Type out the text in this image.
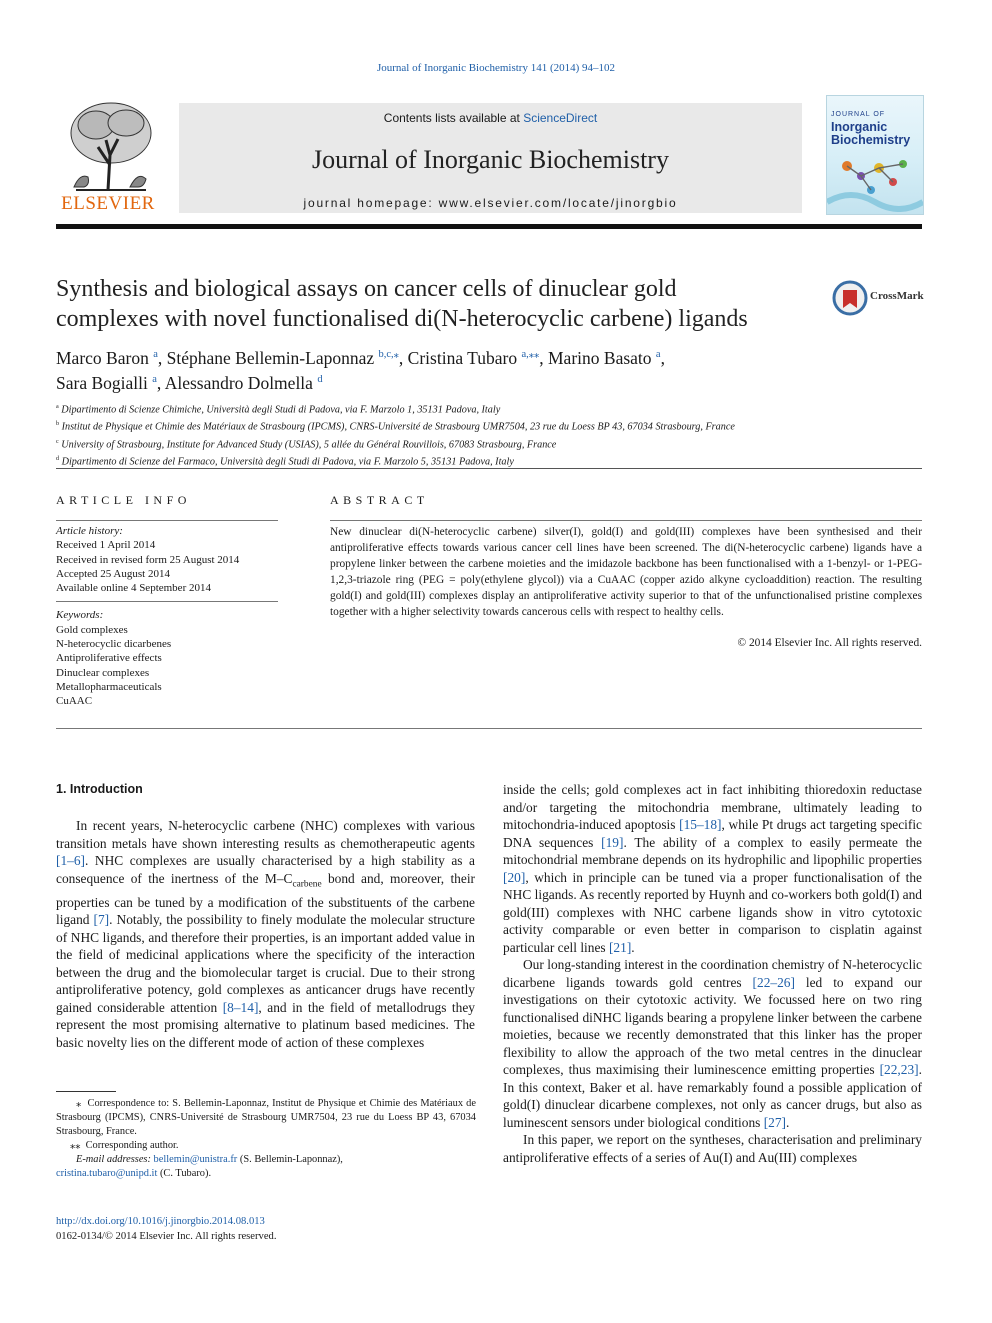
Journal of Inorganic Biochemistry 141 (2014) 94–102
ELSEVIER
Contents lists available at ScienceDirect
Journal of Inorganic Biochemistry
journal homepage: www.elsevier.com/locate/jinorgbio
JOURNAL OF
Inorganic
Biochemistry
Synthesis and biological assays on cancer cells of dinuclear gold
complexes with novel functionalised di(N-heterocyclic carbene) ligands
CrossMark
Marco Baron $^a$, Stéphane Bellemin-Laponnaz $^{b,c,⁎}$, Cristina Tubaro $^{a,⁎⁎}$, Marino Basato $^a$,
Sara Bogialli $^a$, Alessandro Dolmella $^d$
$^a$ Dipartimento di Scienze Chimiche, Università degli Studi di Padova, via F. Marzolo 1, 35131 Padova, Italy
$^b$ Institut de Physique et Chimie des Matériaux de Strasbourg (IPCMS), CNRS-Université de Strasbourg UMR7504, 23 rue du Loess BP 43, 67034 Strasbourg, France
$^c$ University of Strasbourg, Institute for Advanced Study (USIAS), 5 allée du Général Rouvillois, 67083 Strasbourg, France
$^d$ Dipartimento di Scienze del Farmaco, Università degli Studi di Padova, via F. Marzolo 5, 35131 Padova, Italy
ARTICLE INFO
Article history:
Received 1 April 2014
Received in revised form 25 August 2014
Accepted 25 August 2014
Available online 4 September 2014
Keywords:
Gold complexes
N-heterocyclic dicarbenes
Antiproliferative effects
Dinuclear complexes
Metallopharmaceuticals
CuAAC
ABSTRACT
New dinuclear di(N-heterocyclic carbene) silver(I), gold(I) and gold(III) complexes have been synthesised and their antiproliferative effects towards various cancer cell lines have been screened. The di(N-heterocyclic carbene) ligands have a propylene linker between the carbene moieties and the imidazole backbone has been functionalised with a 1-benzyl- or 1-PEG-1,2,3-triazole ring (PEG = poly(ethylene glycol)) via a CuAAC (copper azido alkyne cycloaddition) reaction. The resulting gold(I) and gold(III) complexes display an antiproliferative activity superior to that of the unfunctionalised pristine complexes together with a higher selectivity towards cancerous cells with respect to healthy cells.
© 2014 Elsevier Inc. All rights reserved.
1. Introduction

In recent years, N-heterocyclic carbene (NHC) complexes with various transition metals have shown interesting results as chemotherapeutic agents [1–6]. NHC complexes are usually characterised by a high stability as a consequence of the inertness of the $M-C_{carbene}$ bond and, moreover, their properties can be tuned by a modification of the substituents of the carbene ligand [7]. Notably, the possibility to finely modulate the molecular structure of NHC ligands, and therefore their properties, is an important added value in the field of medicinal applications where the specificity of the interaction between the drug and the biomolecular target is crucial. Due to their strong antiproliferative potency, gold complexes as anticancer drugs have recently gained considerable attention [8–14], and in the field of metallodrugs they represent the most promising alternative to platinum based medicines. The basic novelty lies on the different mode of action of these complexes

inside the cells; gold complexes act in fact inhibiting thioredoxin reductase and/or targeting the mitochondria membrane, ultimately leading to mitochondria-induced apoptosis [15–18], while Pt drugs act targeting specific DNA sequences [19]. The ability of a complex to easily permeate the mitochondrial membrane depends on its hydrophilic and lipophilic properties [20], which in principle can be tuned via a proper functionalisation of the NHC ligands. As recently reported by Huynh and co-workers both gold(I) and gold(III) complexes with NHC carbene ligands show in vitro cytotoxic activity comparable or even better in comparison to cisplatin against particular cell lines [21].

Our long-standing interest in the coordination chemistry of N-heterocyclic dicarbene ligands towards gold centres [22–26] led to expand our investigations on their cytotoxic activity. We focussed here on two ring functionalised diNHC ligands bearing a propylene linker between the carbene moieties, because we recently demonstrated that this linker has the proper flexibility to allow the approach of the two metal centres in the dinuclear complexes, thus maximising their luminescence emitting properties [22,23]. In this context, Baker et al. have remarkably found a possible application of gold(I) dinuclear dicarbene complexes, not only as cancer drugs, but also as luminescent sensors under biological conditions [27].

In this paper, we report on the syntheses, characterisation and preliminary antiproliferative effects of a series of Au(I) and Au(III) complexes

⁎ Correspondence to: S. Bellemin-Laponnaz, Institut de Physique et Chimie des Matériaux de Strasbourg (IPCMS), CNRS-Université de Strasbourg UMR7504, 23 rue du Loess BP 43, 67034 Strasbourg, France.
⁎⁎ Corresponding author.
E-mail addresses: bellemin@unistra.fr (S. Bellemin-Laponnaz),
cristina.tubaro@unipd.it (C. Tubaro).
http://dx.doi.org/10.1016/j.jinorgbio.2014.08.013
0162-0134/© 2014 Elsevier Inc. All rights reserved.
